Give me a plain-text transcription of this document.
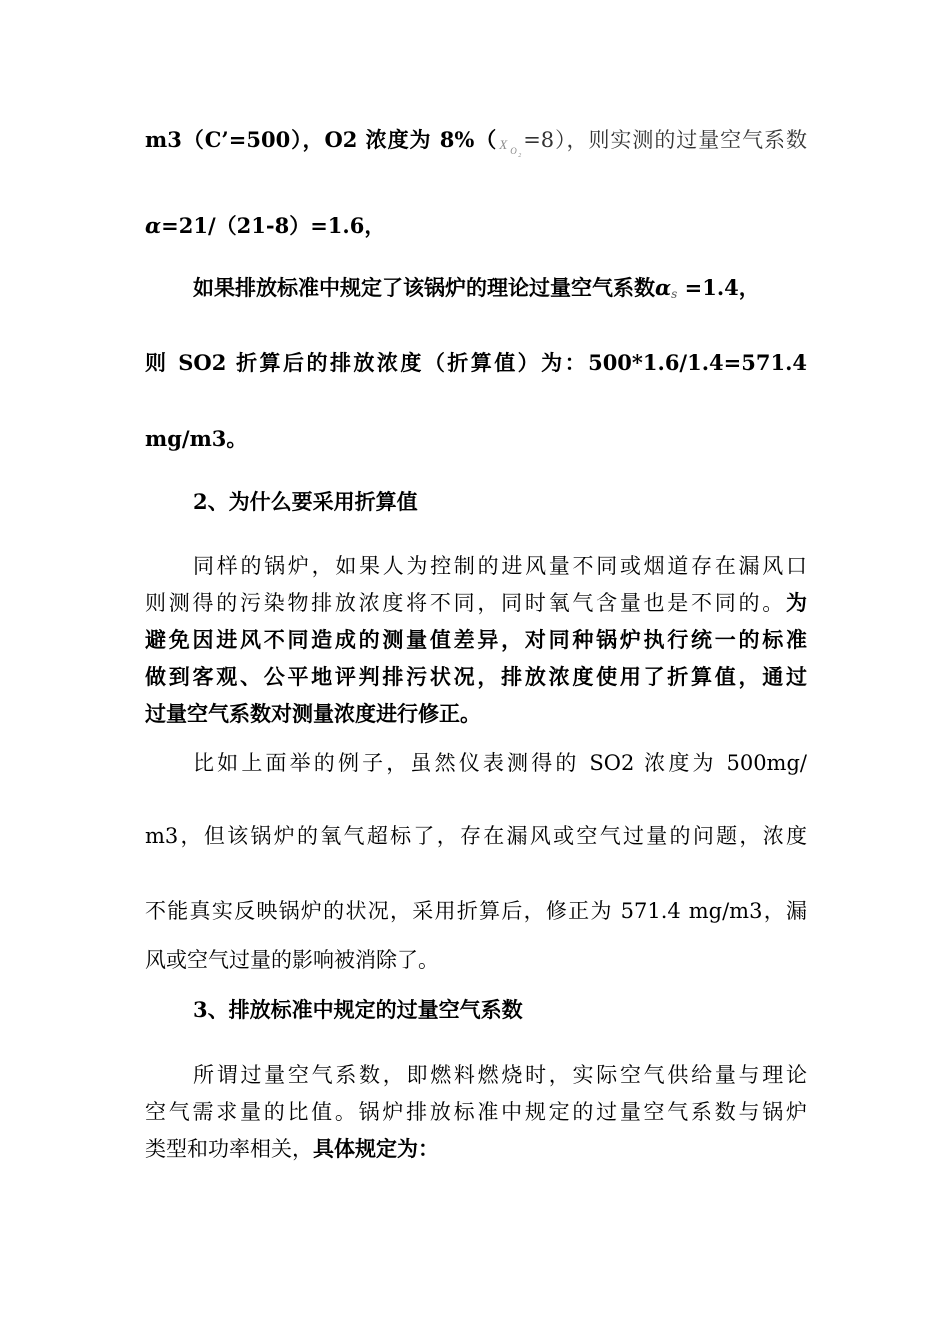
m3（C’=500），O2 浓度为 8%（ X O 2
=8），则实测的过量空气系数
α=21/（21-8）=1.6，
如果排放标准中规定了该锅炉的理论过量空气系数αs =1.4，
则 SO2 折算后的排放浓度（折算值）为：500*1.6/1.4=571.4
mg/m3。
2、为什么要采用折算值
同样的锅炉，如果人为控制的进风量不同或烟道存在漏风口
则测得的污染物排放浓度将不同，同时氧气含量也是不同的。为
避免因进风不同造成的测量值差异，对同种锅炉执行统一的标准
做到客观、公平地评判排污状况，排放浓度使用了折算值，通过
过量空气系数对测量浓度进行修正。
比如上面举的例子，虽然仪表测得的 SO2 浓度为 500mg/
m3，但该锅炉的氧气超标了，存在漏风或空气过量的问题，浓度
不能真实反映锅炉的状况，采用折算后，修正为 571.4 mg/m3，漏
风或空气过量的影响被消除了。
3、排放标准中规定的过量空气系数
所谓过量空气系数，即燃料燃烧时，实际空气供给量与理论
空气需求量的比值。锅炉排放标准中规定的过量空气系数与锅炉
类型和功率相关，具体规定为：
